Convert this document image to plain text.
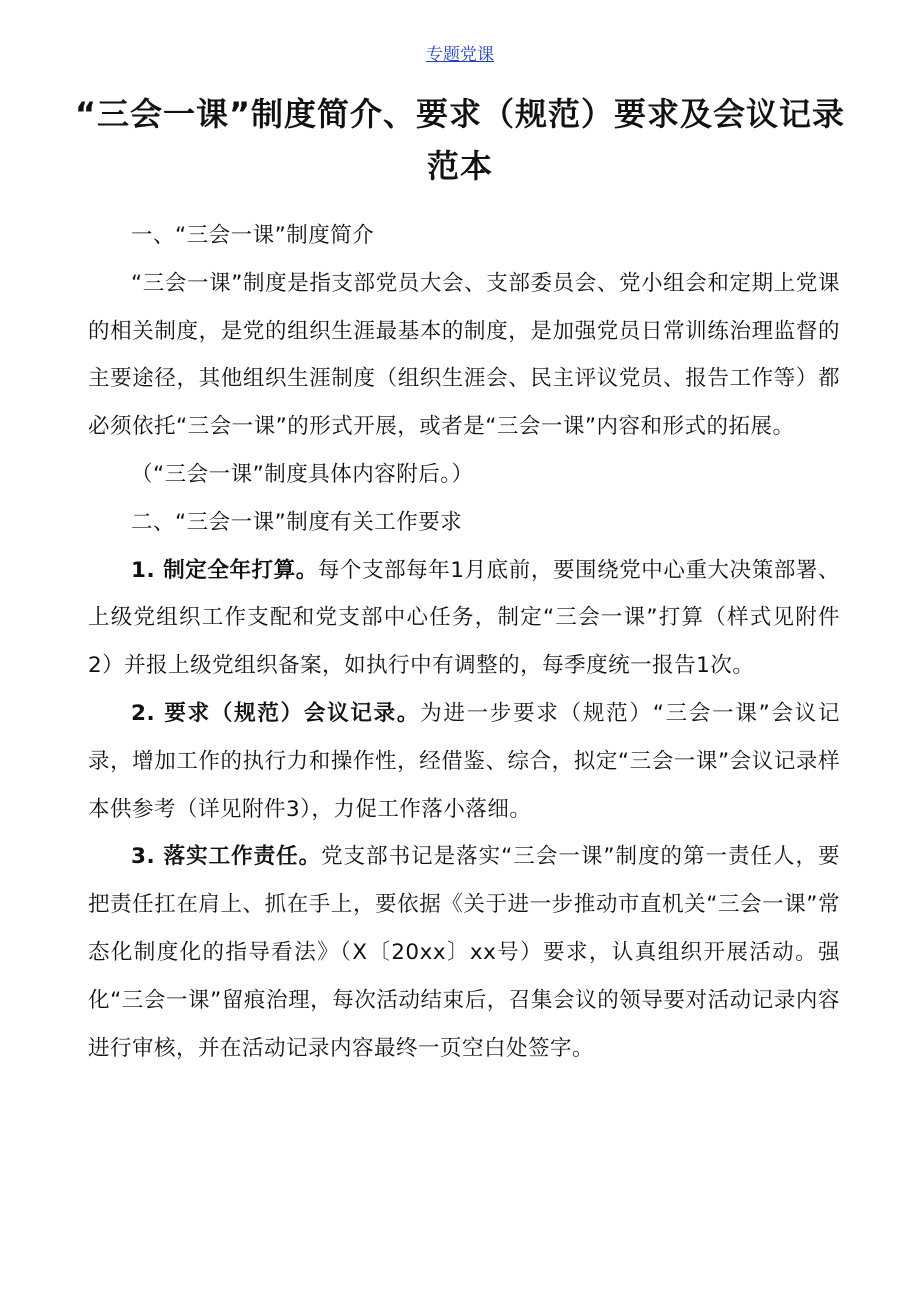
专题党课
“三会一课”制度简介、要求（规范）要求及会议记录范本

一、“三会一课”制度简介

“三会一课”制度是指支部党员大会、支部委员会、党小组会和定期上党课的相关制度，是党的组织生涯最基本的制度，是加强党员日常训练治理监督的主要途径，其他组织生涯制度（组织生涯会、民主评议党员、报告工作等）都必须依托“三会一课”的形式开展，或者是“三会一课”内容和形式的拓展。

（“三会一课”制度具体内容附后。）

二、“三会一课”制度有关工作要求

1. 制定全年打算。每个支部每年1月底前，要围绕党中心重大决策部署、上级党组织工作支配和党支部中心任务，制定“三会一课”打算（样式见附件2）并报上级党组织备案，如执行中有调整的，每季度统一报告1次。

2. 要求（规范）会议记录。为进一步要求（规范）“三会一课”会议记录，增加工作的执行力和操作性，经借鉴、综合，拟定“三会一课”会议记录样本供参考（详见附件3），力促工作落小落细。

3. 落实工作责任。党支部书记是落实“三会一课”制度的第一责任人，要把责任扛在肩上、抓在手上，要依据《关于进一步推动市直机关“三会一课”常态化制度化的指导看法》（X〔20xx〕xx号）要求，认真组织开展活动。强化“三会一课”留痕治理，每次活动结束后，召集会议的领导要对活动记录内容进行审核，并在活动记录内容最终一页空白处签字。
